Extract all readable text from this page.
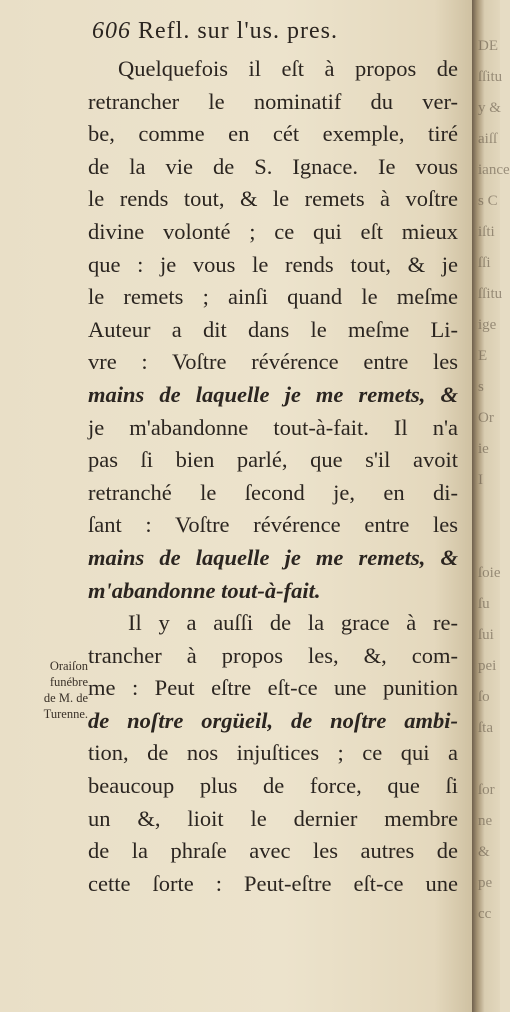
606 Refl. sur l'us. pres.
Quelquefois il eſt à propos de
retrancher le nominatif du ver-
be, comme en cét exemple, tiré
de la vie de S. Ignace. Ie vous
le rends tout, & le remets à voſtre
divine volonté ; ce qui eſt mieux
que : je vous le rends tout, & je
le remets ; ainſi quand le meſme
Auteur a dit dans le meſme Li-
vre : Voſtre révérence entre les
mains de laquelle je me remets, &
je m'abandonne tout-à-fait. Il n'a
pas ſi bien parlé, que s'il avoit
retranché le ſecond je, en di-
ſant : Voſtre révérence entre les
mains de laquelle je me remets, &
m'abandonne tout-à-fait.
Il y a auſſi de la grace à re-
trancher à propos les, &, com-
me : Peut eſtre eſt-ce une punition
de noſtre orgüeil, de noſtre ambi-
tion, de nos injuſtices ; ce qui a
beaucoup plus de force, que ſi
un &, lioit le dernier membre
de la phraſe avec les autres de
cette ſorte : Peut-eſtre eſt-ce une
Oraiſon
funébre
de M. de
Turenne.
DE
ſſitu
y &
aiſſ
iance
s C
iſti
ſſi
ſſitu
ige
E
s
Or
ie
I
ſoie
ſu
ſui
pei
ſo
ſta
ſor
ne
&
pe
cc
